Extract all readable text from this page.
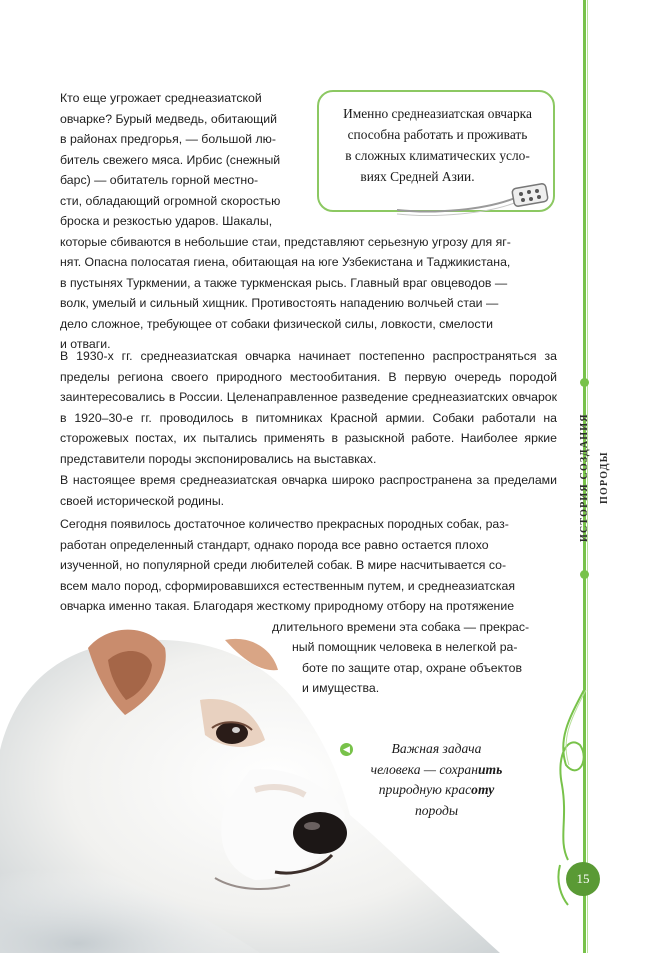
ИСТОРИЯ СОЗДАНИЯ ПОРОДЫ
Именно среднеазиатская овчарка
способна работать и проживать
в сложных климатических усло-
виях Средней Азии.
Кто еще угрожает среднеазиатской
овчарке? Бурый медведь, обитающий
в районах предгорья, — большой лю-
битель свежего мяса. Ирбис (снежный
барс) — обитатель горной местно-
сти, обладающий огромной скоростью
броска и резкостью ударов. Шакалы,
которые сбиваются в небольшие стаи, представляют серьезную угрозу для яг-
нят. Опасна полосатая гиена, обитающая на юге Узбекистана и Таджикистана,
в пустынях Туркмении, а также туркменская рысь. Главный враг овцеводов —
волк, умелый и сильный хищник. Противостоять нападению волчьей стаи —
дело сложное, требующее от собаки физической силы, ловкости, смелости
и отваги.

В 1930-х гг. среднеазиатская овчарка начинает постепенно распространяться за пределы региона своего природного местообитания. В первую очередь породой заинтересовались в России. Целенаправленное разведение среднеазиатских овчарок в 1920–30-е гг. проводилось в питомниках Красной армии. Собаки работали на сторожевых постах, их пытались применять в разыскной работе. Наиболее яркие представители породы экспонировались на выставках.

В настоящее время среднеазиатская овчарка широко распространена за пределами своей исторической родины.

Сегодня появилось достаточное количество прекрасных породных собак, раз-
работан определенный стандарт, однако порода все равно остается плохо
изученной, но популярной среди любителей собак. В мире насчитывается со-
всем мало пород, сформировавшихся естественным путем, и среднеазиатская
овчарка именно такая. Благодаря жесткому природному отбору на протяжение
длительного времени эта собака — прекрас-
ный помощник человека в нелегкой ра-
боте по защите отар, охране объектов
и имущества.
◀	Важная задача
человека — сохранить
природную красоту
породы
15
